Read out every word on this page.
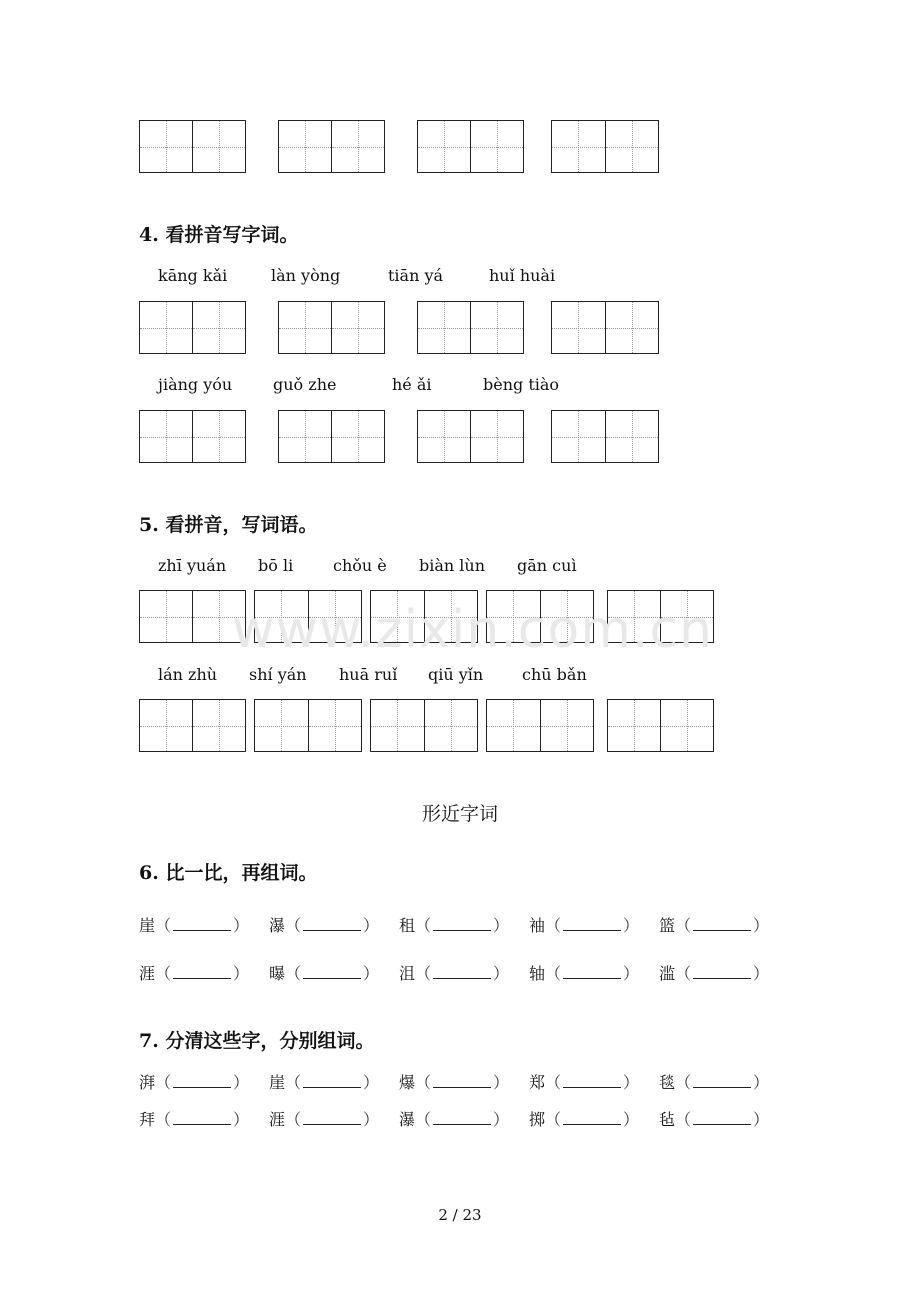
4. 看拼音写字词。
kāng kǎi	làn yòng	tiān yá	huǐ huài
jiàng yóu	guǒ zhe	hé ǎi	bèng tiào
5. 看拼音，写词语。
zhī yuán bō li chǒu è biàn lùn gān cuì
www.zixin.com.cn
lán zhù shí yán huā ruǐ qiū yǐn chū bǎn
形近字词
6. 比一比，再组词。
崖（	）	瀑（	）	租（	）	袖（	）	篮（	）
涯（	）	曝（	）	沮（	）	轴（	）	滥（	）
7. 分清这些字，分别组词。
湃（	）	崖（	）	爆（	）	郑（	）	毯（	）
拜（	）	涯（	）	瀑（	）	掷（	）	毡（	）
2 / 23
